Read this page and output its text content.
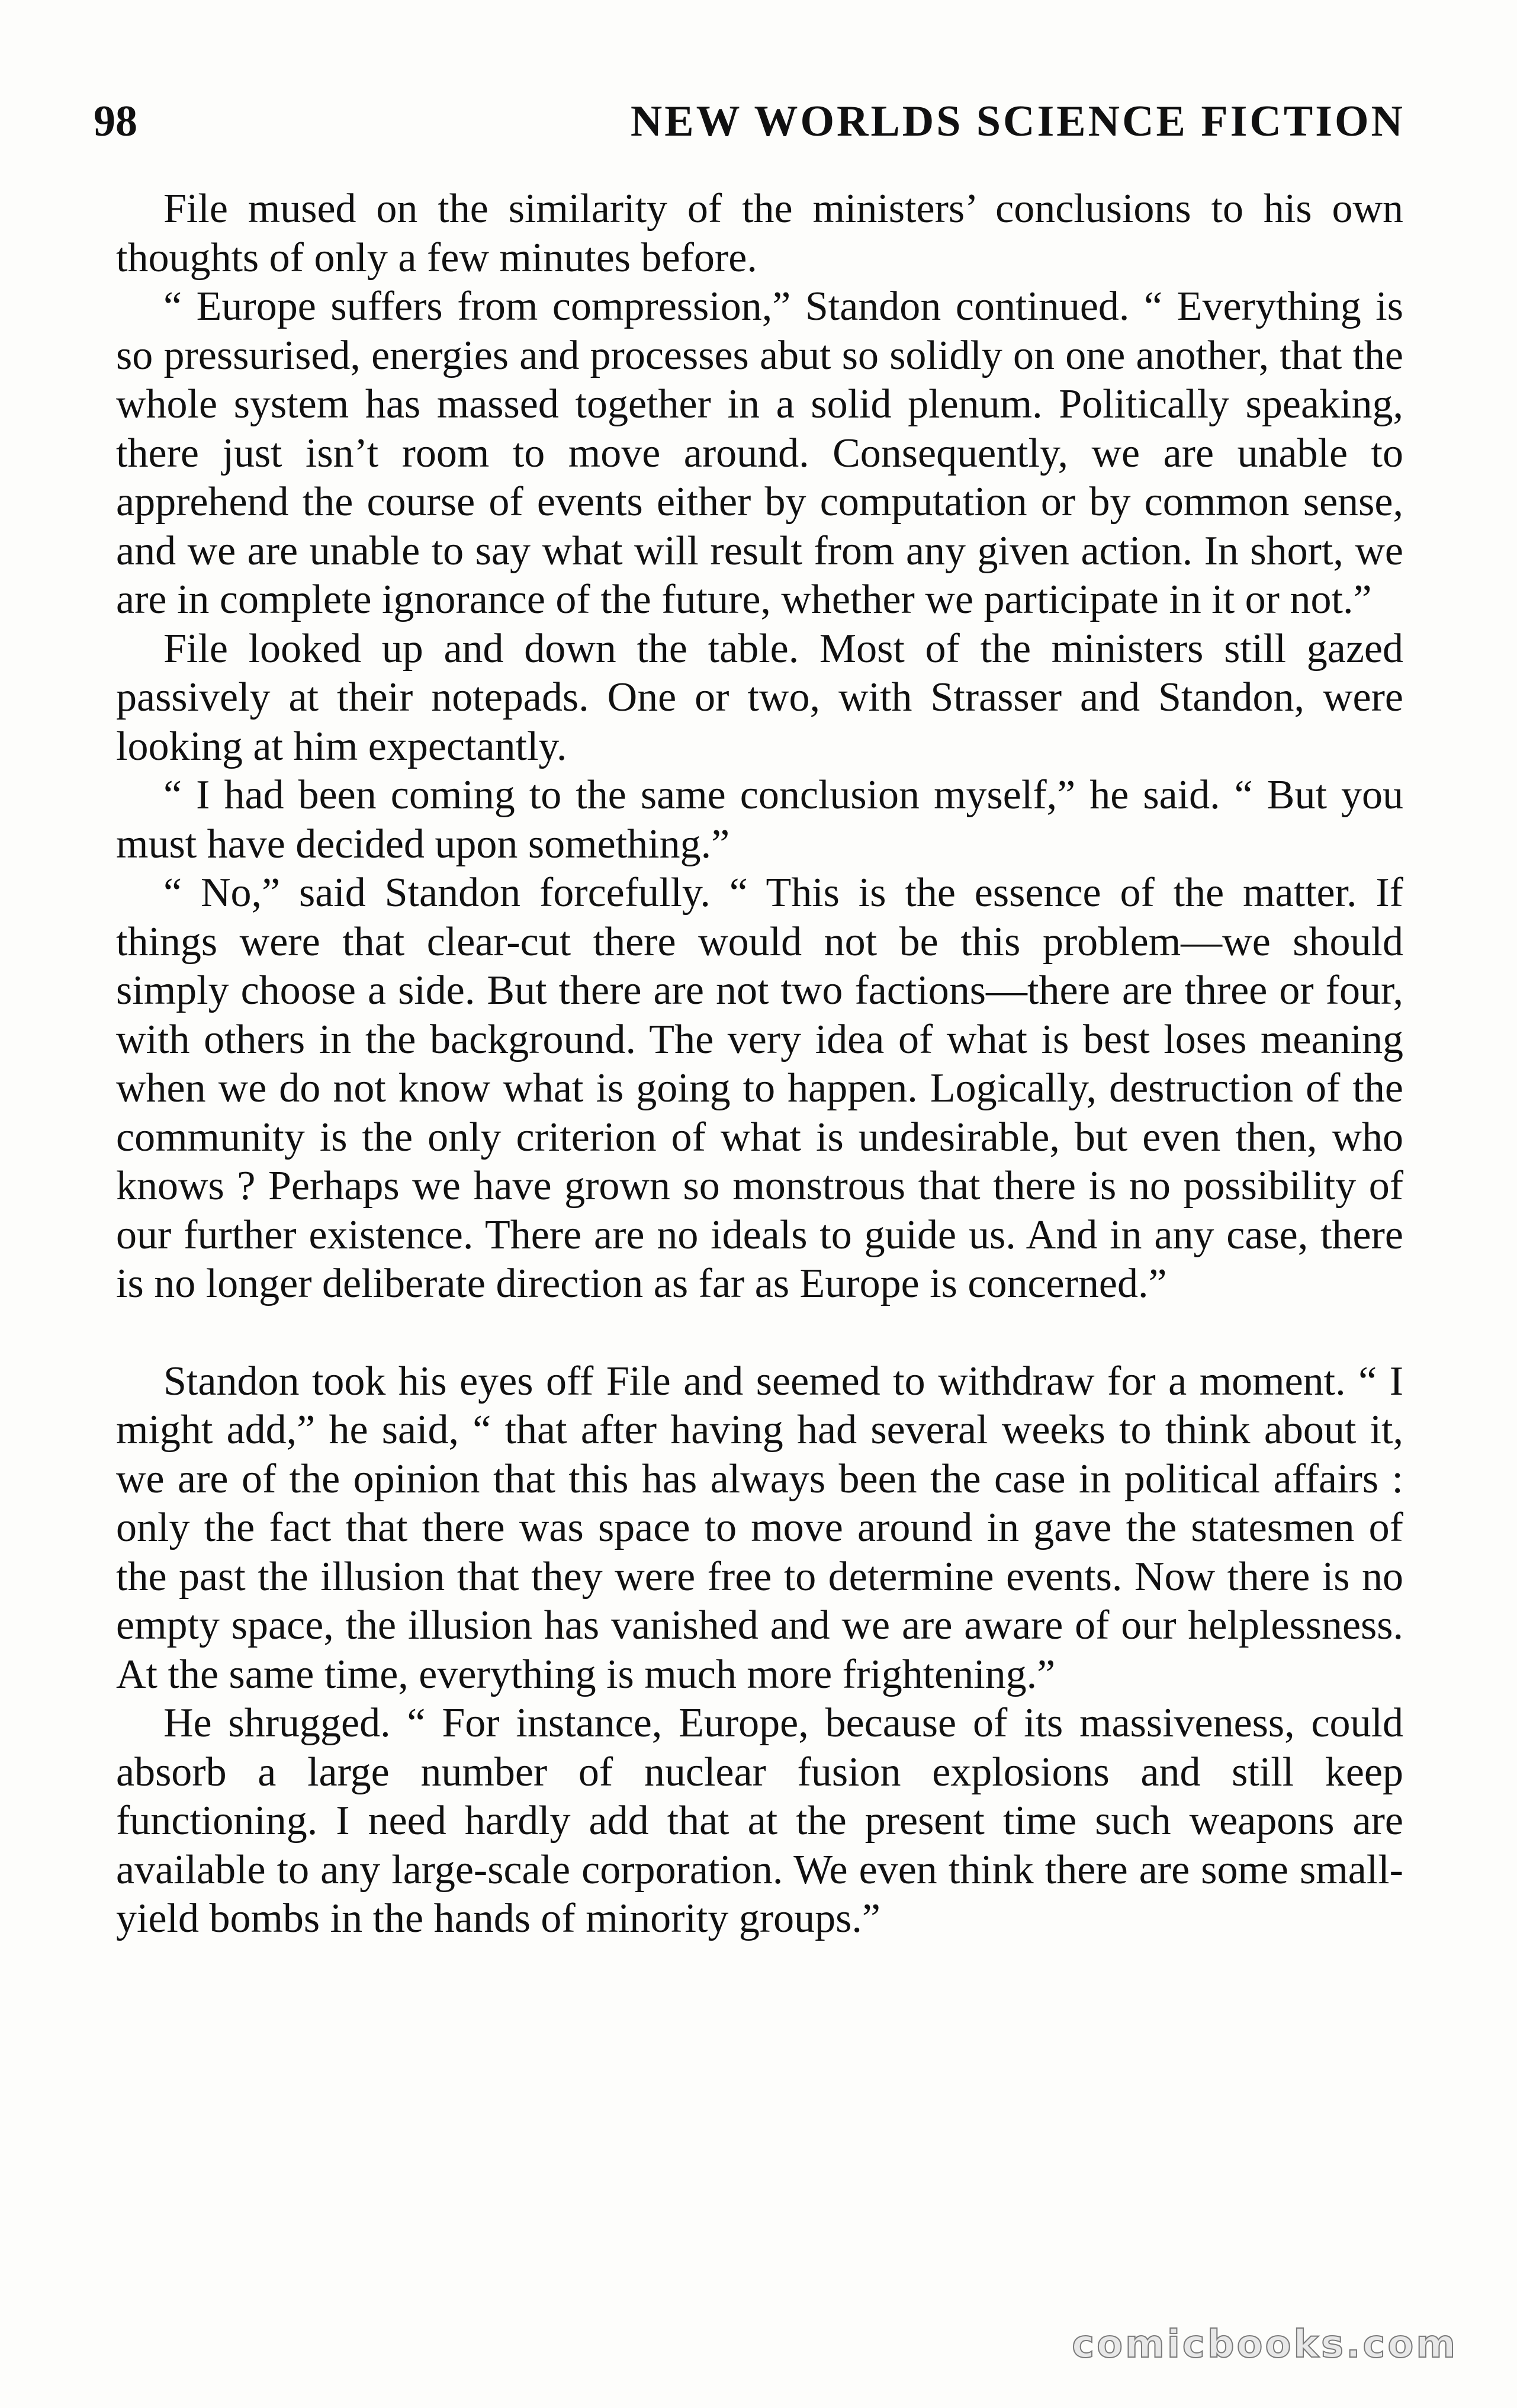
98	NEW WORLDS SCIENCE FICTION

File mused on the similarity of the ministers’ conclusions to his own thoughts of only a few minutes before.

“ Europe suffers from compression,” Standon continued. “ Everything is so pressurised, energies and processes abut so solidly on one another, that the whole system has massed together in a solid plenum. Politically speaking, there just isn’t room to move around. Consequently, we are unable to apprehend the course of events either by computation or by common sense, and we are unable to say what will result from any given action. In short, we are in complete ignorance of the future, whether we participate in it or not.”

File looked up and down the table. Most of the ministers still gazed passively at their notepads. One or two, with Strasser and Standon, were looking at him expectantly.

“ I had been coming to the same conclusion myself,” he said. “ But you must have decided upon something.”

“ No,” said Standon forcefully. “ This is the essence of the matter. If things were that clear-cut there would not be this problem—we should simply choose a side. But there are not two factions—there are three or four, with others in the background. The very idea of what is best loses meaning when we do not know what is going to happen. Logically, destruction of the community is the only criterion of what is undesirable, but even then, who knows ? Perhaps we have grown so monstrous that there is no possibility of our further existence. There are no ideals to guide us. And in any case, there is no longer deliberate direction as far as Europe is concerned.”

Standon took his eyes off File and seemed to withdraw for a moment. “ I might add,” he said, “ that after having had several weeks to think about it, we are of the opinion that this has always been the case in political affairs : only the fact that there was space to move around in gave the statesmen of the past the illusion that they were free to determine events. Now there is no empty space, the illusion has vanished and we are aware of our helplessness. At the same time, everything is much more frightening.”

He shrugged. “ For instance, Europe, because of its massiveness, could absorb a large number of nuclear fusion explosions and still keep functioning. I need hardly add that at the present time such weapons are available to any large-scale corporation. We even think there are some small-yield bombs in the hands of minority groups.”

comicbooks.com
